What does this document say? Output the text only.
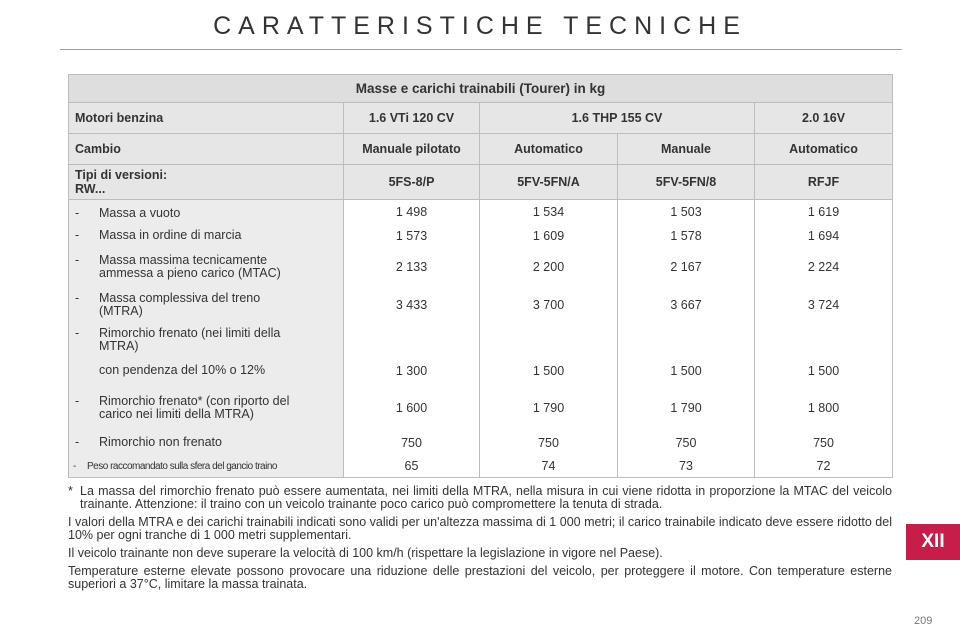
CARATTERISTICHE TECNICHE
Masse e carichi trainabili (Tourer) in kg				
Motori benzina	1.6 VTi 120 CV	1.6 THP 155 CV		2.0 16V
Cambio	Manuale pilotato	Automatico	Manuale	Automatico

Tipi di versioni:
RW...	5FS-8/P	5FV-5FN/A	5FV-5FN/8	RFJF

- Massa a vuoto	1 498	1 534	1 503	1 619

- Massa in ordine di marcia	1 573	1 609	1 578	1 694

- Massa massima tecnicamente
ammessa a pieno carico (MTAC)	2 133	2 200	2 167	2 224

- Massa complessiva del treno
(MTRA)	3 433	3 700	3 667	3 724

- Rimorchio frenato (nei limiti della
MTRA)				

con pendenza del 10% o 12%	1 300	1 500	1 500	1 500

- Rimorchio frenato* (con riporto del
carico nei limiti della MTRA)	1 600	1 790	1 790	1 800

- Rimorchio non frenato	750	750	750	750

- Peso raccomandato sulla sfera del gancio traino	65	74	73	72

* La massa del rimorchio frenato può essere aumentata, nei limiti della MTRA, nella misura in cui viene ridotta in proporzione la MTAC del veicolo trainante. Attenzione: il traino con un veicolo trainante poco carico può compromettere la tenuta di strada.

I valori della MTRA e dei carichi trainabili indicati sono validi per un'altezza massima di 1 000 metri; il carico trainabile indicato deve essere ridotto del 10% per ogni tranche di 1 000 metri supplementari.

Il veicolo trainante non deve superare la velocità di 100 km/h (rispettare la legislazione in vigore nel Paese).

Temperature esterne elevate possono provocare una riduzione delle prestazioni del veicolo, per proteggere il motore. Con temperature esterne superiori a 37°C, limitare la massa trainata.

XII
209
